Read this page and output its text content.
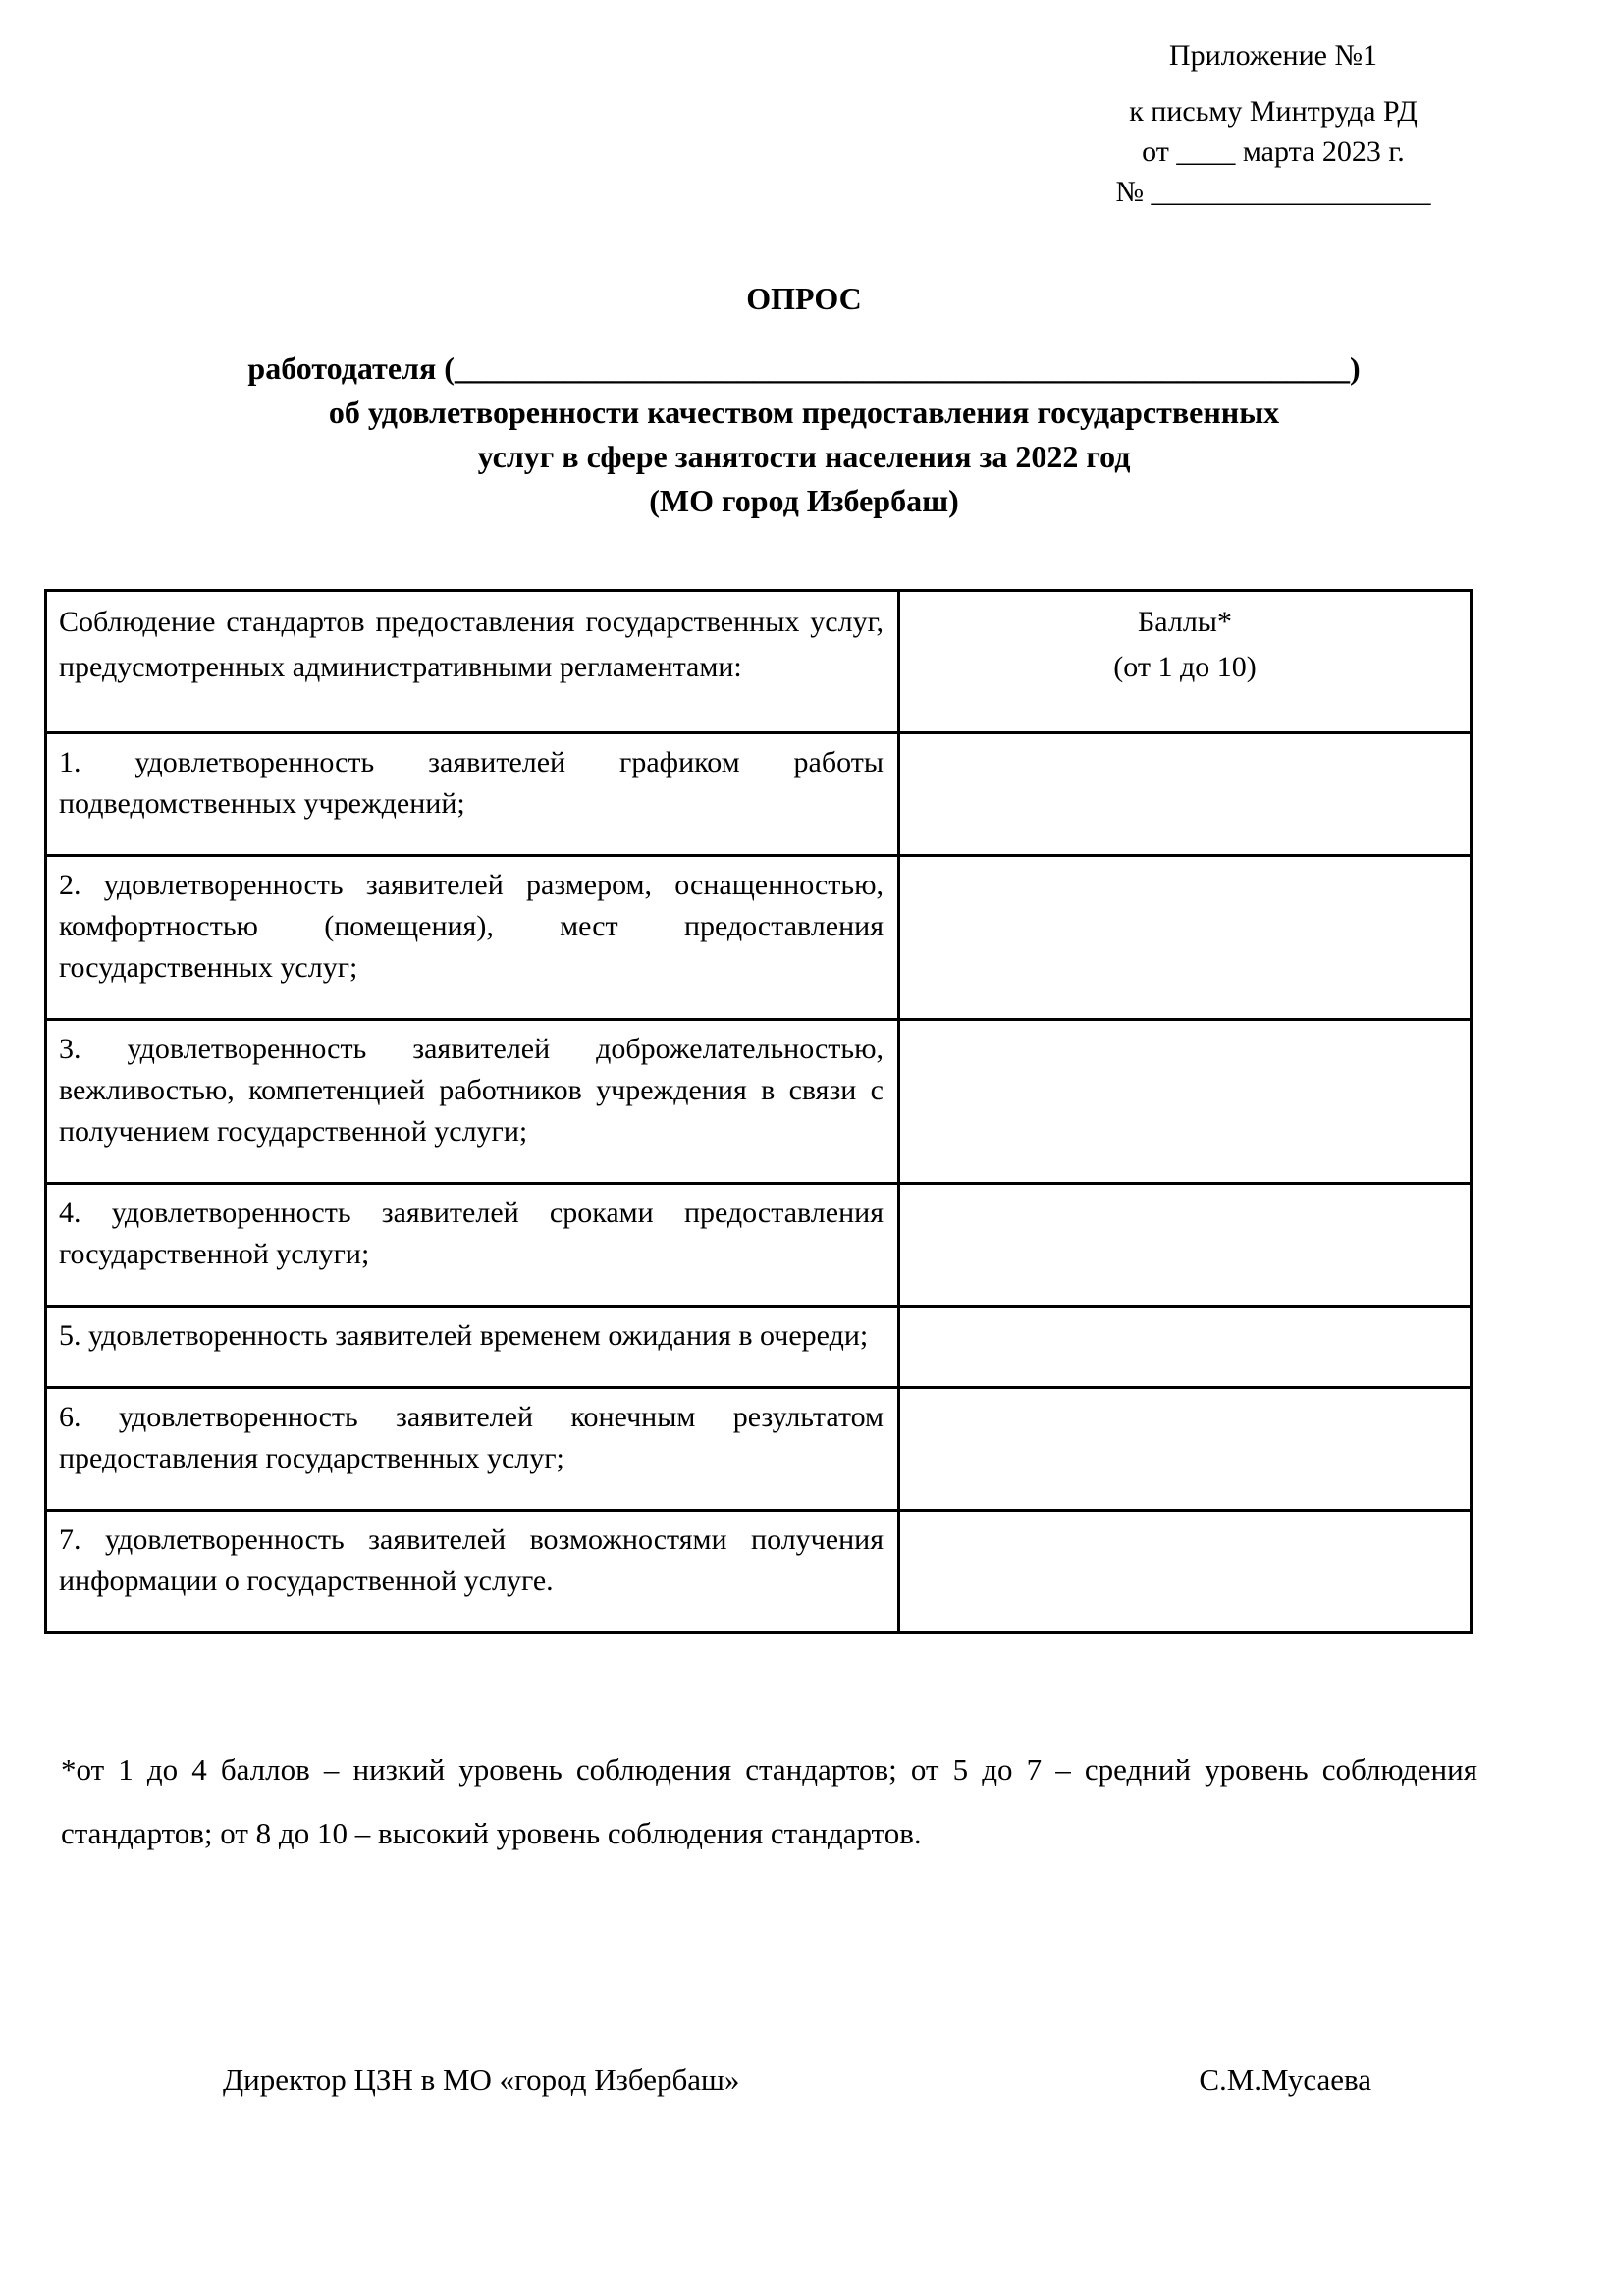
Приложение №1
к письму Минтруда РД
от ____ марта 2023 г.
№ ___________________
ОПРОС
работодателя (_________________________________________________________)
об удовлетворенности качеством предоставления государственных
услуг в сфере занятости населения за 2022 год
(МО город Избербаш)
Соблюдение стандартов предоставления государственных услуг, предусмотренных административными регламентами:	Баллы*
(от 1 до 10)

1. удовлетворенность заявителей графиком работы подведомственных учреждений;	
2. удовлетворенность заявителей размером, оснащенностью, комфортностью (помещения), мест предоставления государственных услуг;	
3. удовлетворенность заявителей доброжелательностью, вежливостью, компетенцией работников учреждения в связи с получением государственной услуги;	
4. удовлетворенность заявителей сроками предоставления государственной услуги;	
5. удовлетворенность заявителей временем ожидания в очереди;	
6. удовлетворенность заявителей конечным результатом предоставления государственных услуг;	
7. удовлетворенность заявителей возможностями получения информации о государственной услуге.	

*от 1 до 4 баллов – низкий уровень соблюдения стандартов; от 5 до 7 – средний уровень соблюдения стандартов; от 8 до 10 – высокий уровень соблюдения стандартов.

Директор ЦЗН в МО «город Избербаш»	С.М.Мусаева
